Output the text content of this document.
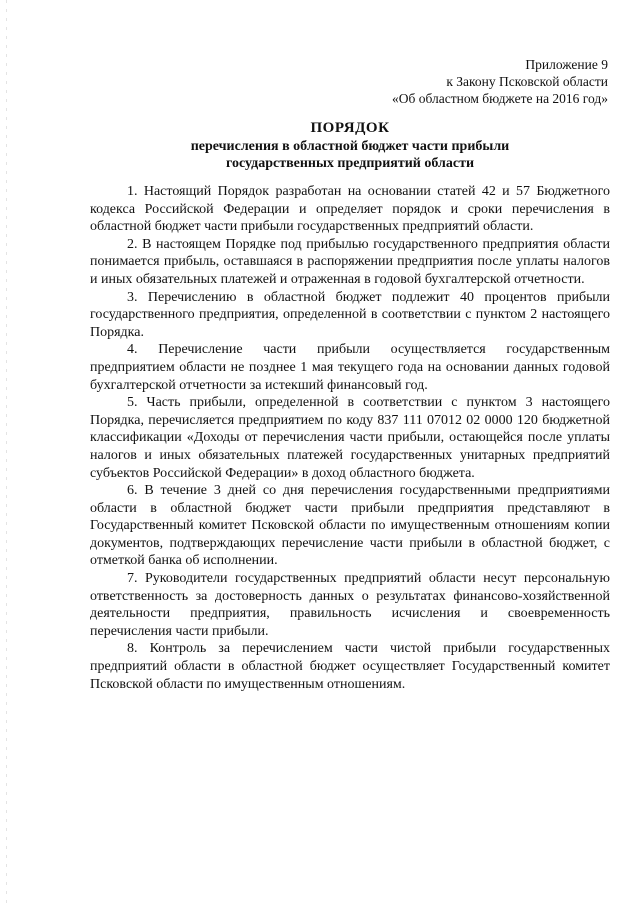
Приложение 9
к Закону Псковской области
«Об областном бюджете на 2016 год»
ПОРЯДОК
перечисления в областной бюджет части прибыли
государственных предприятий области

1. Настоящий Порядок разработан на основании статей 42 и 57 Бюджетного кодекса Российской Федерации и определяет порядок и сроки перечисления в областной бюджет части прибыли государственных предприятий области.

2. В настоящем Порядке под прибылью государственного предприятия области понимается прибыль, оставшаяся в распоряжении предприятия после уплаты налогов и иных обязательных платежей и отраженная в годовой бухгалтерской отчетности.

3. Перечислению в областной бюджет подлежит 40 процентов прибыли государственного предприятия, определенной в соответствии с пунктом 2 настоящего Порядка.

4. Перечисление части прибыли осуществляется государственным предприятием области не позднее 1 мая текущего года на основании данных годовой бухгалтерской отчетности за истекший финансовый год.

5. Часть прибыли, определенной в соответствии с пунктом 3 настоящего Порядка, перечисляется предприятием по коду 837 111 07012 02 0000 120 бюджетной классификации «Доходы от перечисления части прибыли, остающейся после уплаты налогов и иных обязательных платежей государственных унитарных предприятий субъектов Российской Федерации» в доход областного бюджета.

6. В течение 3 дней со дня перечисления государственными предприятиями области в областной бюджет части прибыли предприятия представляют в Государственный комитет Псковской области по имущественным отношениям копии документов, подтверждающих перечисление части прибыли в областной бюджет, с отметкой банка об исполнении.

7. Руководители государственных предприятий области несут персональную ответственность за достоверность данных о результатах финансово-хозяйственной деятельности предприятия, правильность исчисления и своевременность перечисления части прибыли.

8. Контроль за перечислением части чистой прибыли государственных предприятий области в областной бюджет осуществляет Государственный комитет Псковской области по имущественным отношениям.
